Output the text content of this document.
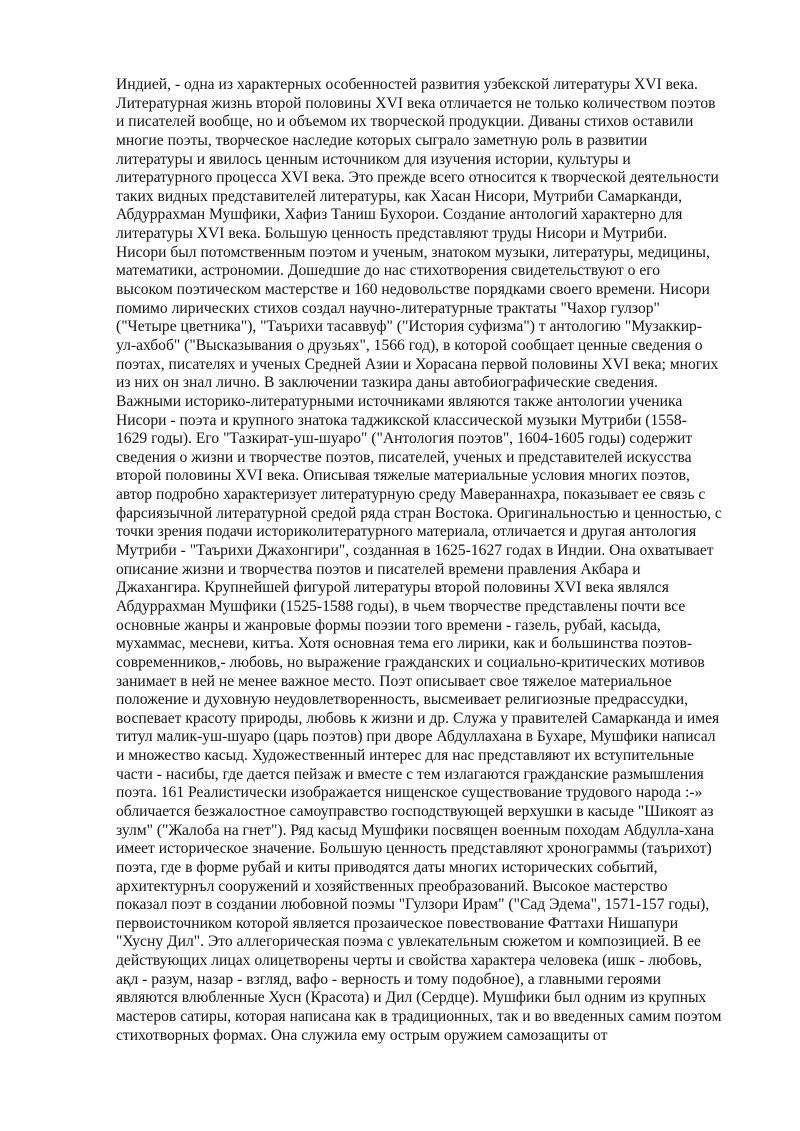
Индией, - одна из характерных особенностей развития узбекской литературы XVI века.
Литературная жизнь второй половины XVI века отличается не только количеством поэтов
и писателей вообще, но и объемом их творческой продукции. Диваны стихов оставили
многие поэты, творческое наследие которых сыграло заметную роль в развитии
литературы и явилось ценным источником для изучения истории, культуры и
литературного процесса XVI века. Это прежде всего относится к творческой деятельности
таких видных представителей литературы, как Хасан Нисори, Мутриби Самарканди,
Абдуррахман Мушфики, Хафиз Таниш Бухорои. Создание антологий характерно для
литературы XVI века. Большую ценность представляют труды Нисори и Мутриби.
Нисори был потомственным поэтом и ученым, знатоком музыки, литературы, медицины,
математики, астрономии. Дошедшие до нас стихотворения свидетельствуют о его
высоком поэтическом мастерстве и 160 недовольстве порядками своего времени. Нисори
помимо лирических стихов создал научно-литературные трактаты "Чахор гулзор"
("Четыре цветника"), "Таърихи тасаввуф" ("История суфизма") т антологию "Музаккир-
ул-ахбоб" ("Высказывания о друзьях", 1566 год), в которой сообщает ценные сведения о
поэтах, писателях и ученых Средней Азии и Хорасана первой половины XVI века; многих
из них он знал лично. В заключении тазкира даны автобиографические сведения.
Важными историко-литературными источниками являются также антологии ученика
Нисори - поэта и крупного знатока таджикской классической музыки Мутриби (1558-
1629 годы). Его "Тазкират-уш-шуаро" ("Антология поэтов", 1604-1605 годы) содержит
сведения о жизни и творчестве поэтов, писателей, ученых и представителей искусства
второй половины XVI века. Описывая тяжелые материальные условия многих поэтов,
автор подробно характеризует литературную среду Мавераннахра, показывает ее связь с
фарсиязычной литературной средой ряда стран Востока. Оригинальностью и ценностью, с
точки зрения подачи историколитературного материала, отличается и другая антология
Мутриби - "Таърихи Джахонгири", созданная в 1625-1627 годах в Индии. Она охватывает
описание жизни и творчества поэтов и писателей времени правления Акбара и
Джахангира. Крупнейшей фигурой литературы второй половины XVI века являлся
Абдуррахман Мушфики (1525-1588 годы), в чьем творчестве представлены почти все
основные жанры и жанровые формы поэзии того времени - газель, рубай, касыда,
мухаммас, месневи, китъа. Хотя основная тема его лирики, как и большинства поэтов-
современников,- любовь, но выражение гражданских и социально-критических мотивов
занимает в ней не менее важное место. Поэт описывает свое тяжелое материальное
положение и духовную неудовлетворенность, высмеивает религиозные предрассудки,
воспевает красоту природы, любовь к жизни и др. Служа у правителей Самарканда и имея
титул малик-уш-шуаро (царь поэтов) при дворе Абдуллахана в Бухаре, Мушфики написал
и множество касыд. Художественный интерес для нас представляют их вступительные
части - насибы, где дается пейзаж и вместе с тем излагаются гражданские размышления
поэта. 161 Реалистически изображается нищенское существование трудового народа :-»
обличается безжалостное самоуправство господствующей верхушки в касыде "Шикоят аз
зулм" ("Жалоба на гнет"). Ряд касыд Мушфики посвящен военным походам Абдулла-хана
имеет историческое значение. Большую ценность представляют хронограммы (таърихот)
поэта, где в форме рубай и киты приводятся даты многих исторических событий,
архитектурнъл сооружений и хозяйственных преобразований. Высокое мастерство
показал поэт в создании любовной поэмы "Гулзори Ирам" ("Сад Эдема", 1571-157 годы),
первоисточником которой является прозаическое повествование Фаттахи Нишапури
"Хусну Дил". Это аллегорическая поэма с увлекательным сюжетом и композицией. В ее
действующих лицах олицетворены черты и свойства характера человека (ишк - любовь,
ақл - разум, назар - взгляд, вафо - верность и тому подобное), а главными героями
являются влюбленные Хусн (Красота) и Дил (Сердце). Мушфики был одним из крупных
мастеров сатиры, которая написана как в традиционных, так и во введенных самим поэтом
стихотворных формах. Она служила ему острым оружием самозащиты от
